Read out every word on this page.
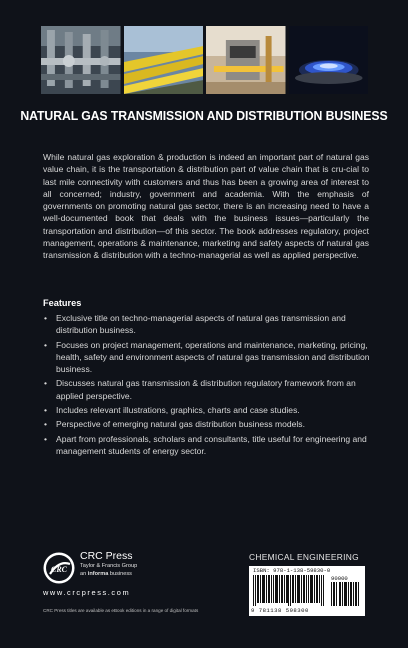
NATURAL GAS TRANSMISSION AND DISTRIBUTION BUSINESS

While natural gas exploration & production is indeed an important part of natural gas value chain, it is the transportation & distribution part of value chain that is cru-cial to last mile connectivity with customers and thus has been a growing area of interest to all concerned; industry, government and academia. With the emphasis of governments on promoting natural gas sector, there is an increasing need to have a well-documented book that deals with the business issues—particularly the transportation and distribution—of this sector. The book addresses regulatory, project management, operations & maintenance, marketing and safety aspects of natural gas transmission & distribution with a techno-managerial as well as applied perspective.

Features
• Exclusive title on techno-managerial aspects of natural gas transmission and distribution business.
• Focuses on project management, operations and maintenance, marketing, pricing, health, safety and environment aspects of natural gas transmission and distribution business.
• Discusses natural gas transmission & distribution regulatory framework from an applied perspective.
• Includes relevant illustrations, graphics, charts and case studies.
• Perspective of emerging natural gas distribution business models.
• Apart from professionals, scholars and consultants, title useful for engineering and management students of energy sector.
CRC
CRC Press
Taylor & Francis Group
an informa business
www.crcpress.com
CRC Press titles are available as eBook editions in a range of digital formats
CHEMICAL ENGINEERING
ISBN: 978-1-138-59830-0
90000
9 781138 598300
